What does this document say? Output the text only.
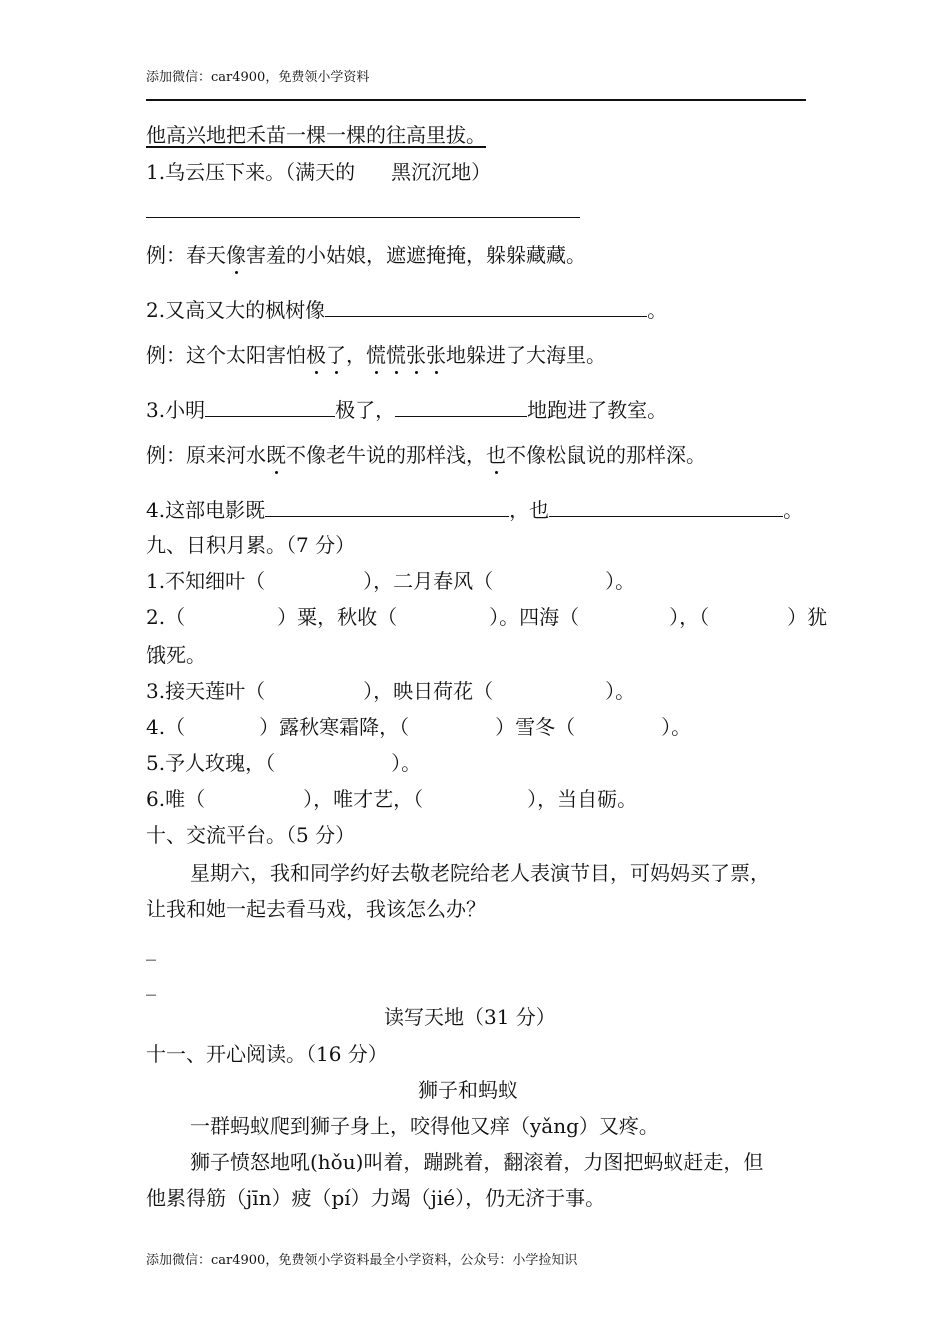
添加微信：car4900，免费领小学资料
他高兴地把禾苗一棵一棵的往高里拔。
1.乌云压下来。（满天的 黑沉沉地）
例：春天像害羞的小姑娘，遮遮掩掩，躲躲藏藏。
2.又高又大的枫树像	。
例：这个太阳害怕极了，慌慌张张地躲进了大海里。
3.小明	极了，	地跑进了教室。
例：原来河水既不像老牛说的那样浅，也不像松鼠说的那样深。
4.这部电影既	，也	。
九、日积月累。（7 分）
1.不知细叶（	），二月春风（	）。
2.（	）粟，秋收（	）。四海（	），（	）犹
饿死。
3.接天莲叶（	），映日荷花（	）。
4.（	）露秋寒霜降，（	）雪冬（	）。
5.予人玫瑰，（	）。
6.唯（	），唯才艺，（	），当自砺。
十、交流平台。（5 分）
星期六，我和同学约好去敬老院给老人表演节目，可妈妈买了票，
让我和她一起去看马戏，我该怎么办？
_
_
读写天地（31 分）
十一、开心阅读。（16 分）
狮子和蚂蚁
一群蚂蚁爬到狮子身上，咬得他又痒（yǎng）又疼。
狮子愤怒地吼(hǒu)叫着，蹦跳着，翻滚着，力图把蚂蚁赶走，但
他累得筋（jīn）疲（pí）力竭（jié），仍无济于事。
添加微信：car4900，免费领小学资料最全小学资料，公众号：小学捡知识
